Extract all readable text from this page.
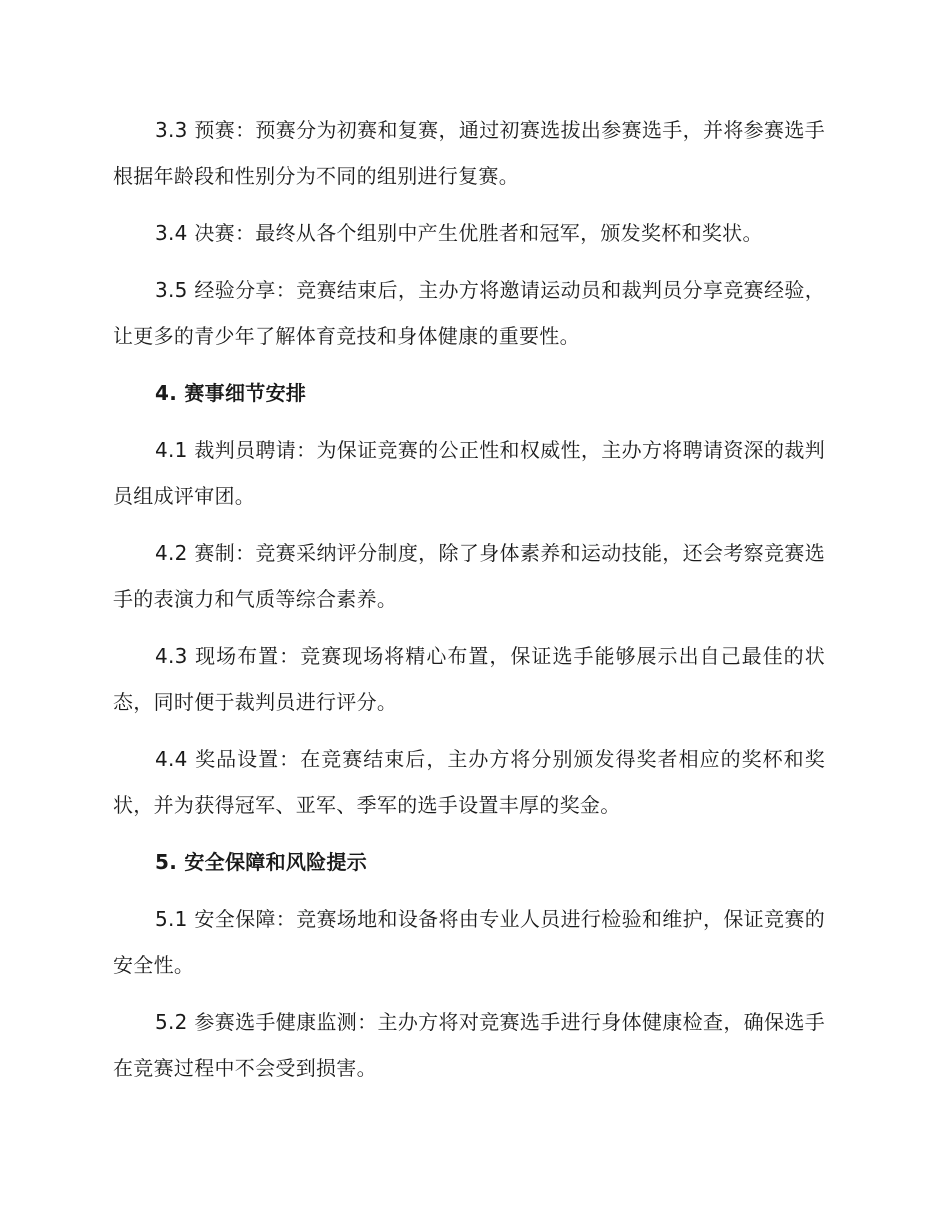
3.3 预赛：预赛分为初赛和复赛，通过初赛选拔出参赛选手，并将参赛选手根据年龄段和性别分为不同的组别进行复赛。

3.4 决赛：最终从各个组别中产生优胜者和冠军，颁发奖杯和奖状。

3.5 经验分享：竞赛结束后，主办方将邀请运动员和裁判员分享竞赛经验，让更多的青少年了解体育竞技和身体健康的重要性。

4. 赛事细节安排

4.1 裁判员聘请：为保证竞赛的公正性和权威性，主办方将聘请资深的裁判员组成评审团。

4.2 赛制：竞赛采纳评分制度，除了身体素养和运动技能，还会考察竞赛选手的表演力和气质等综合素养。

4.3 现场布置：竞赛现场将精心布置，保证选手能够展示出自己最佳的状态，同时便于裁判员进行评分。

4.4 奖品设置：在竞赛结束后，主办方将分别颁发得奖者相应的奖杯和奖状，并为获得冠军、亚军、季军的选手设置丰厚的奖金。

5. 安全保障和风险提示

5.1 安全保障：竞赛场地和设备将由专业人员进行检验和维护，保证竞赛的安全性。

5.2 参赛选手健康监测：主办方将对竞赛选手进行身体健康检查，确保选手在竞赛过程中不会受到损害。
